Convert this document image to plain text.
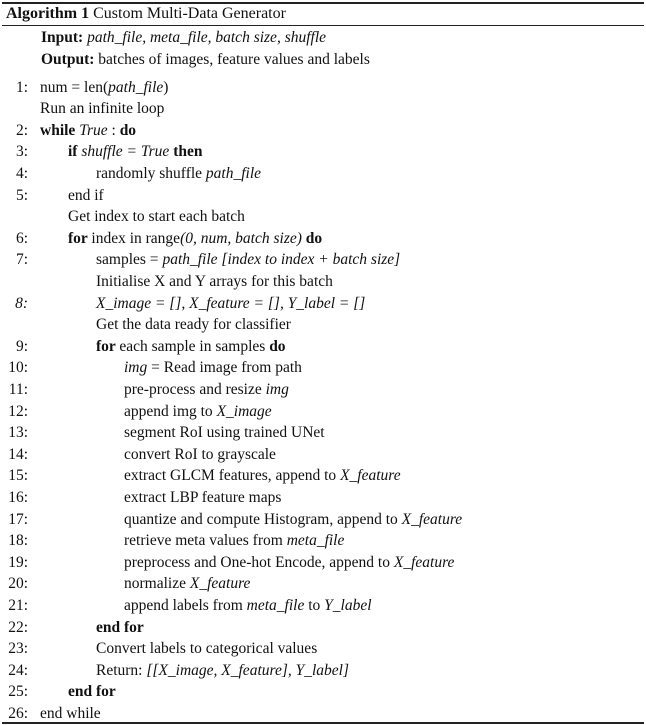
Algorithm 1 Custom Multi-Data Generator
Input: path_file, meta_file, batch size, shuffle
Output: batches of images, feature values and labels
1: num = len(path_file)
Run an infinite loop
2: while True : do
3:	if shuffle = True then
4:	randomly shuffle path_file
5:	end if
Get index to start each batch
6:	for index in range(0, num, batch size) do
7:	samples = path_file [index to index + batch size]
Initialise X and Y arrays for this batch
8:	X_image = [], X_feature = [], Y_label = []
Get the data ready for classifier
9:	for each sample in samples do
10:	img = Read image from path
11:	pre-process and resize img
12:	append img to X_image
13:	segment RoI using trained UNet
14:	convert RoI to grayscale
15:	extract GLCM features, append to X_feature
16:	extract LBP feature maps
17:	quantize and compute Histogram, append to X_feature
18:	retrieve meta values from meta_file
19:	preprocess and One-hot Encode, append to X_feature
20:	normalize X_feature
21:	append labels from meta_file to Y_label
22:	end for
23:	Convert labels to categorical values
24:	Return: [[X_image, X_feature], Y_label]
25:	end for
26: end while
